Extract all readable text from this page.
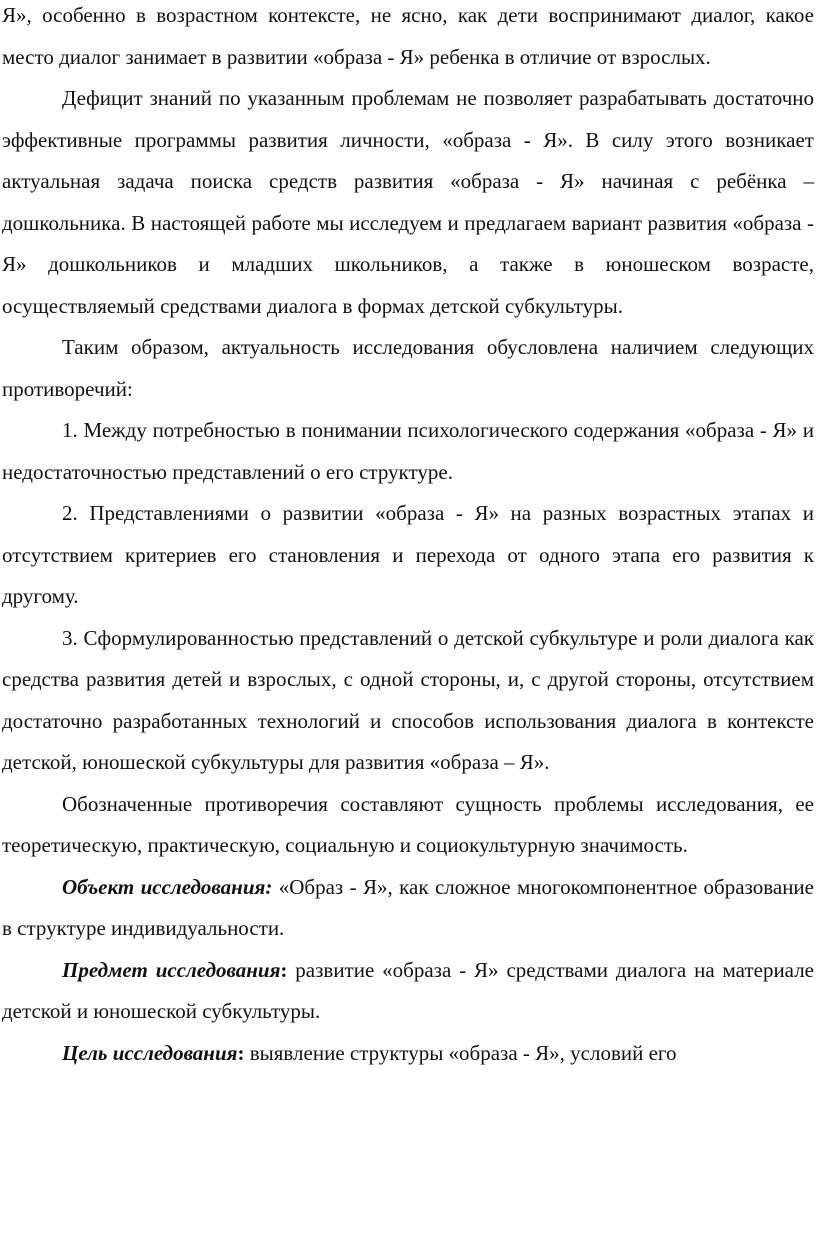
Я», особенно в возрастном контексте, не ясно, как дети воспринимают диалог, какое место диалог занимает в развитии «образа - Я» ребенка в отличие от взрослых.

Дефицит знаний по указанным проблемам не позволяет разрабатывать достаточно эффективные программы развития личности, «образа - Я». В силу этого возникает актуальная задача поиска средств развития «образа - Я» начиная с ребёнка – дошкольника. В настоящей работе мы исследуем и предлагаем вариант развития «образа - Я» дошкольников и младших школьников, а также в юношеском возрасте, осуществляемый средствами диалога в формах детской субкультуры.

Таким образом, актуальность исследования обусловлена наличием следующих противоречий:

1. Между потребностью в понимании психологического содержания «образа - Я» и недостаточностью представлений о его структуре.

2. Представлениями о развитии «образа - Я» на разных возрастных этапах и отсутствием критериев его становления и перехода от одного этапа его развития к другому.

3. Сформулированностью представлений о детской субкультуре и роли диалога как средства развития детей и взрослых, с одной стороны, и, с другой стороны, отсутствием достаточно разработанных технологий и способов использования диалога в контексте детской, юношеской субкультуры для развития «образа – Я».

Обозначенные противоречия составляют сущность проблемы исследования, ее теоретическую, практическую, социальную и социокультурную значимость.

Объект исследования: «Образ - Я», как сложное многокомпонентное образование в структуре индивидуальности.

Предмет исследования: развитие «образа - Я» средствами диалога на материале детской и юношеской субкультуры.

Цель исследования: выявление структуры «образа - Я», условий его
